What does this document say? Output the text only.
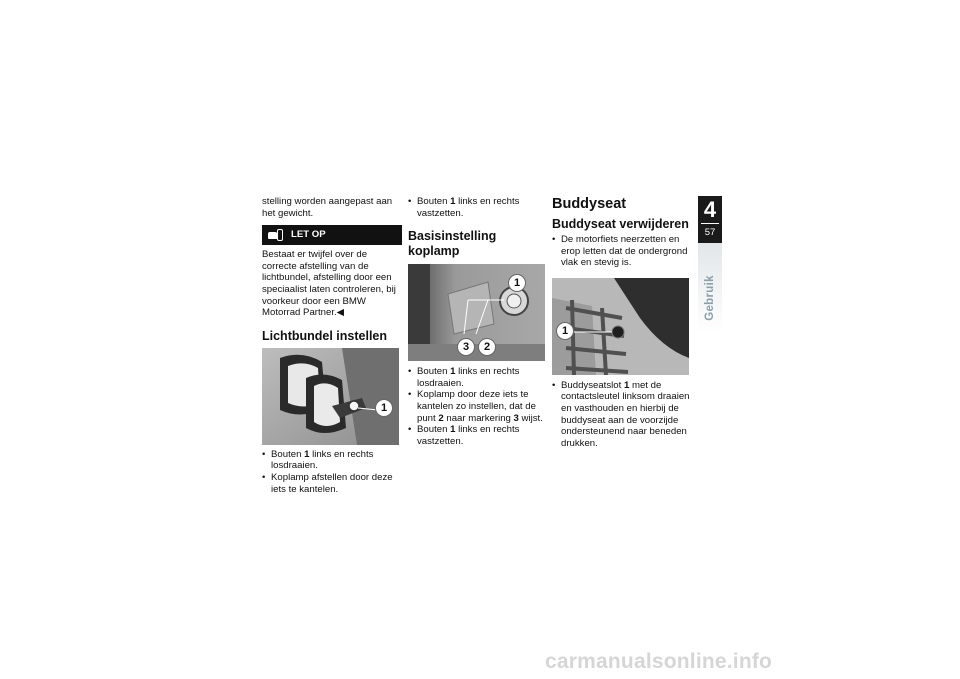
stelling worden aangepast aan het gewicht.

LET OP

Bestaat er twijfel over de correcte afstelling van de lichtbundel, afstelling door een speciaalist laten controleren, bij voorkeur door een BMW Motorrad Partner.◀

Lichtbundel instellen
1
• Bouten 1 links en rechts losdraaien.
• Koplamp afstellen door deze iets te kantelen.
• Bouten 1 links en rechts vastzetten.
Basisinstelling koplamp
1
3	2
• Bouten 1 links en rechts losdraaien.
• Koplamp door deze iets te kantelen zo instellen, dat de punt 2 naar markering 3 wijst.
• Bouten 1 links en rechts vastzetten.
Buddyseat
Buddyseat verwijderen
• De motorfiets neerzetten en erop letten dat de ondergrond vlak en stevig is.
1
• Buddyseatslot 1 met de contactsleutel linksom draaien en vasthouden en hierbij de buddyseat aan de voorzijde ondersteunend naar beneden drukken.
4
57
Gebruik
carmanualsonline.info
